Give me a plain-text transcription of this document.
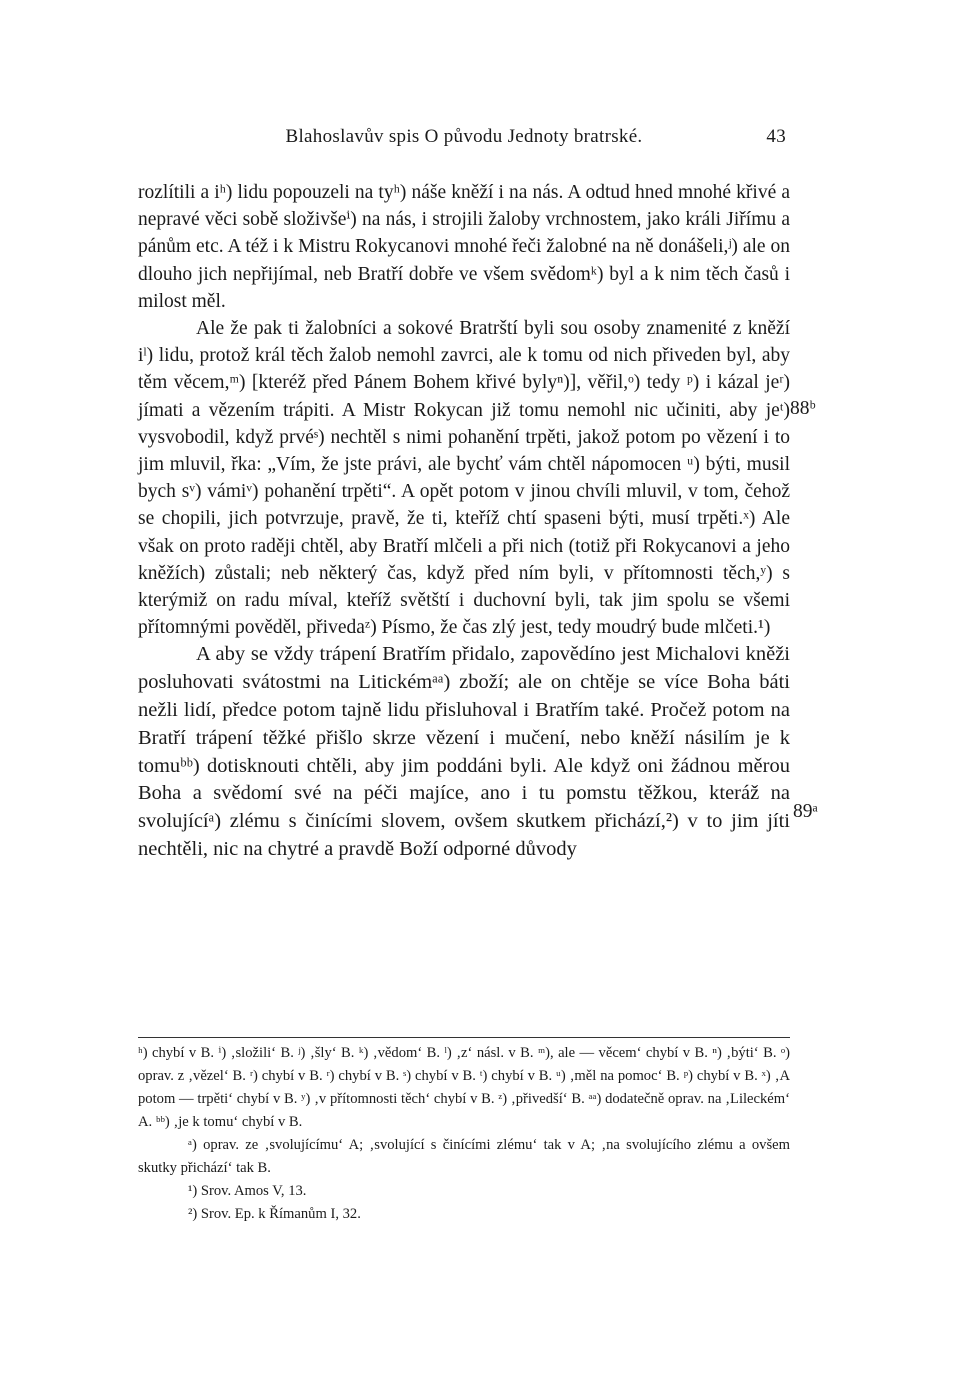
Blahoslavův spis O původu Jednoty bratrské.	43

rozlítili a iʰ) lidu popouzeli na tyʰ) náše kněží i na nás. A odtud hned mnohé křivé a nepravé věci sobě složivšeⁱ) na nás, i strojili žaloby vrchnostem, jako králi Jiřímu a pánům etc. A též i k Mistru Rokycanovi mnohé řeči žalobné na ně donášeli,ʲ) ale on dlouho jich nepřijímal, neb Bratří dobře ve všem svědomᵏ) byl a k nim těch časů i milost měl.

Ale že pak ti žalobníci a sokové Bratrští byli sou osoby znamenité z kněží iˡ) lidu, protož král těch žalob nemohl zavrci, ale k tomu od nich přiveden byl, aby těm věcem,ᵐ) [kteréž před Pánem Bohem křivé bylyⁿ)], věřil,ᵒ) tedy ᵖ) i kázal jeʳ) jímati a vězením trápiti. A Mistr Rokycan již tomu nemohl nic učiniti, aby jeᵗ) vysvobodil, když prvéˢ) nechtěl s nimi pohanění trpěti, jakož potom po vězení i to jim mluvil, řka: „Vím, že jste právi, ale bychť vám chtěl nápomocen ᵘ) býti, musil bych sᵛ) vámiᵛ) pohanění trpěti“. A opět potom v jinou chvíli mluvil, v tom, čehož se chopili, jich potvrzuje, pravě, že ti, kteříž chtí spaseni býti, musí trpěti.ˣ) Ale však on proto raději chtěl, aby Bratří mlčeli a při nich (totiž při Rokycanovi a jeho kněžích) zůstali; neb některý čas, když před ním byli, v přítomnosti těch,ʸ) s kterýmiž on radu míval, kteříž světští i duchovní byli, tak jim spolu se všemi přítomnými pověděl, přivedaᶻ) Písmo, že čas zlý jest, tedy moudrý bude mlčeti.¹)

A aby se vždy trápení Bratřím přidalo, zapovědíno jest Michalovi kněži posluhovati svátostmi na Litickémᵃᵃ) zboží; ale on chtěje se více Boha báti nežli lidí, předce potom tajně lidu přisluhoval i Bratřím také. Pročež potom na Bratří trápení těžké přišlo skrze vězení i mučení, nebo kněží násilím je k tomuᵇᵇ) dotisknouti chtěli, aby jim poddáni byli. Ale když oni žádnou měrou Boha a svědomí své na péči majíce, ano i tu pomstu těžkou, kteráž na svolujícíᵃ) zlému s činícími slovem, ovšem skutkem přichází,²) v to jim jíti nechtěli, nic na chytré a pravdě Boží odporné důvody

88ᵇ
89ᵃ

ʰ) chybí v B. ⁱ) ‚složili‘ B. ʲ) ‚šly‘ B. ᵏ) ‚vědom‘ B. ˡ) ‚z‘ násl. v B. ᵐ), ale — věcem‘ chybí v B. ⁿ) ‚býti‘ B. ᵒ) oprav. z ‚vězel‘ B. ʳ) chybí v B. ʳ) chybí v B. ˢ) chybí v B. ᵗ) chybí v B. ᵘ) ‚měl na pomoc‘ B. ᵖ) chybí v B. ˣ) ‚A potom — trpěti‘ chybí v B. ʸ) ‚v přítomnosti těch‘ chybí v B. ᶻ) ‚přivedší‘ B. ᵃᵃ) dodatečně oprav. na ‚Lileckém‘ A. ᵇᵇ) ‚je k tomu‘ chybí v B.

ᵃ) oprav. ze ‚svolujícímu‘ A; ‚svolující s činícími zlému‘ tak v A; ‚na svolujícího zlému a ovšem skutky přichází‘ tak B.

¹) Srov. Amos V, 13.

²) Srov. Ep. k Římanům I, 32.
